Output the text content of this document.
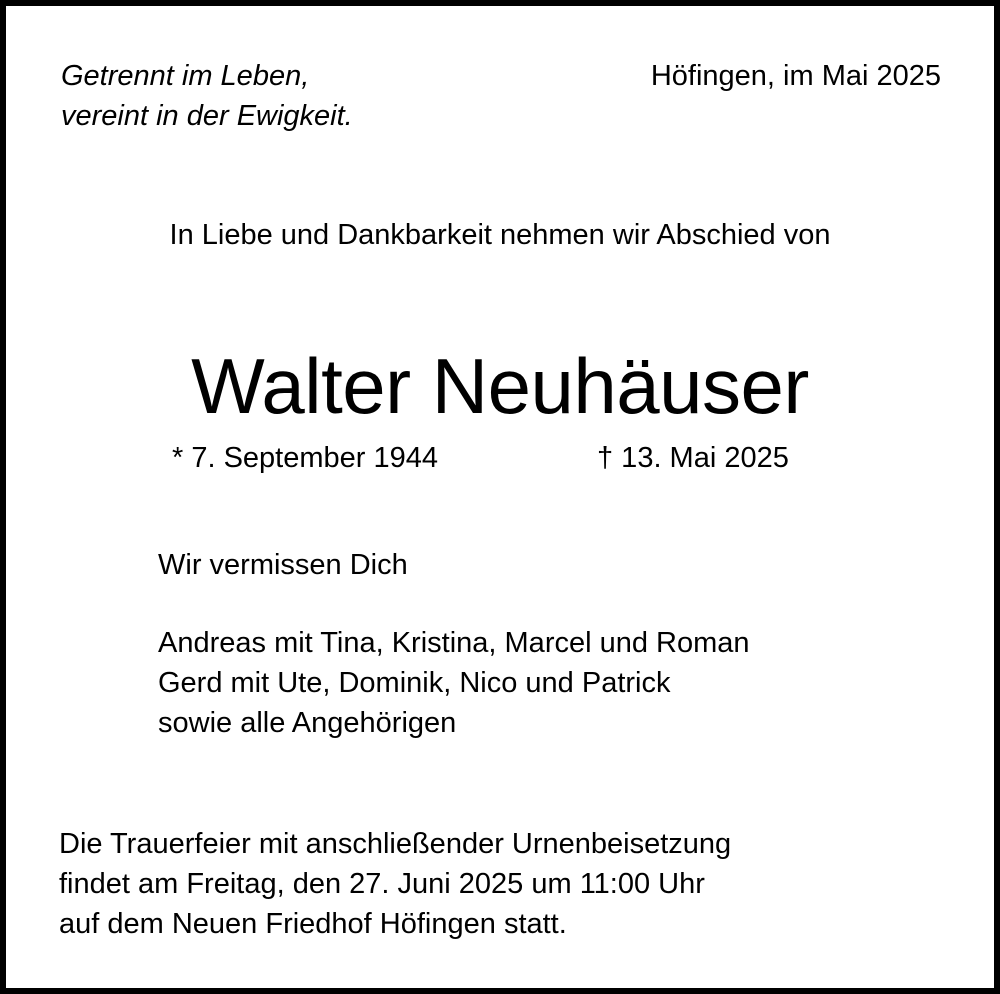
Getrennt im Leben,
vereint in der Ewigkeit.
Höfingen, im Mai 2025
In Liebe und Dankbarkeit nehmen wir Abschied von
Walter Neuhäuser
* 7. September 1944	† 13. Mai 2025
Wir vermissen Dich
Andreas mit Tina, Kristina, Marcel und Roman
Gerd mit Ute, Dominik, Nico und Patrick
sowie alle Angehörigen
Die Trauerfeier mit anschließender Urnenbeisetzung
findet am Freitag, den 27. Juni 2025 um 11:00 Uhr
auf dem Neuen Friedhof Höfingen statt.
